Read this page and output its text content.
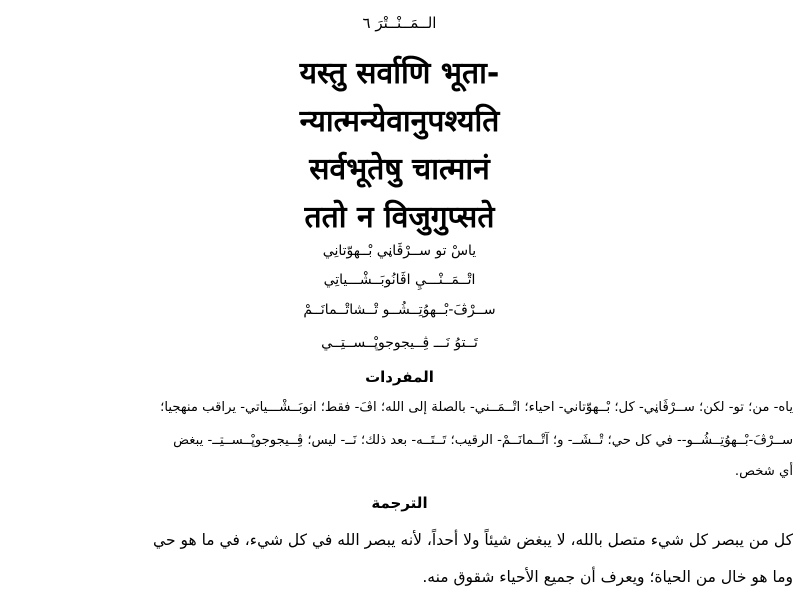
الــمَــنْــتْرَ ٦
यस्तु सर्वाणि भूता-
न्यात्मन्येवानुपश्यति
सर्वभूतेषु चात्मानं
ततो न विजुगुप्सते
ياسْ تو ســرْڤَاڼي بْــهوّتانِي
اتْــمَــنْـــيِ اڤَانُوبَــشْـــياتِي
ســرْڤَ-بْــهوُتِــشُــو تْــشاتْــمانَــمْ
تَــتوُ نَـــ ڤِــيجوجوپْــســتِــي
المفردات
ياه- من؛ تو- لكن؛ ســرْڤَاڼي- كل؛ بْــهوّتاني- احياء؛ اتْــمَــني- بالصلة إلى الله؛ اڤَ- فقط؛ انوبَــشْـــياتي- يراقب منهجيا؛
ســرْڤَ-بْــهوُتِــشُــو-- في كل حي؛ تْــشَــ- و؛ آتْــمانَــمْ- الرقيب؛ تَــتَــه- بعد ذلك؛ نَــ- ليس؛ ڤِــيجوجوپْــســتِــ- يبغض
أي شخص.
الترجمة
كل من يبصر كل شيء متصل بالله، لا يبغض شيئاً ولا أحداً، لأنه يبصر الله في كل شيء، في ما هو حي
وما هو خال من الحياة؛ ويعرف أن جميع الأحياء شقوق منه.
